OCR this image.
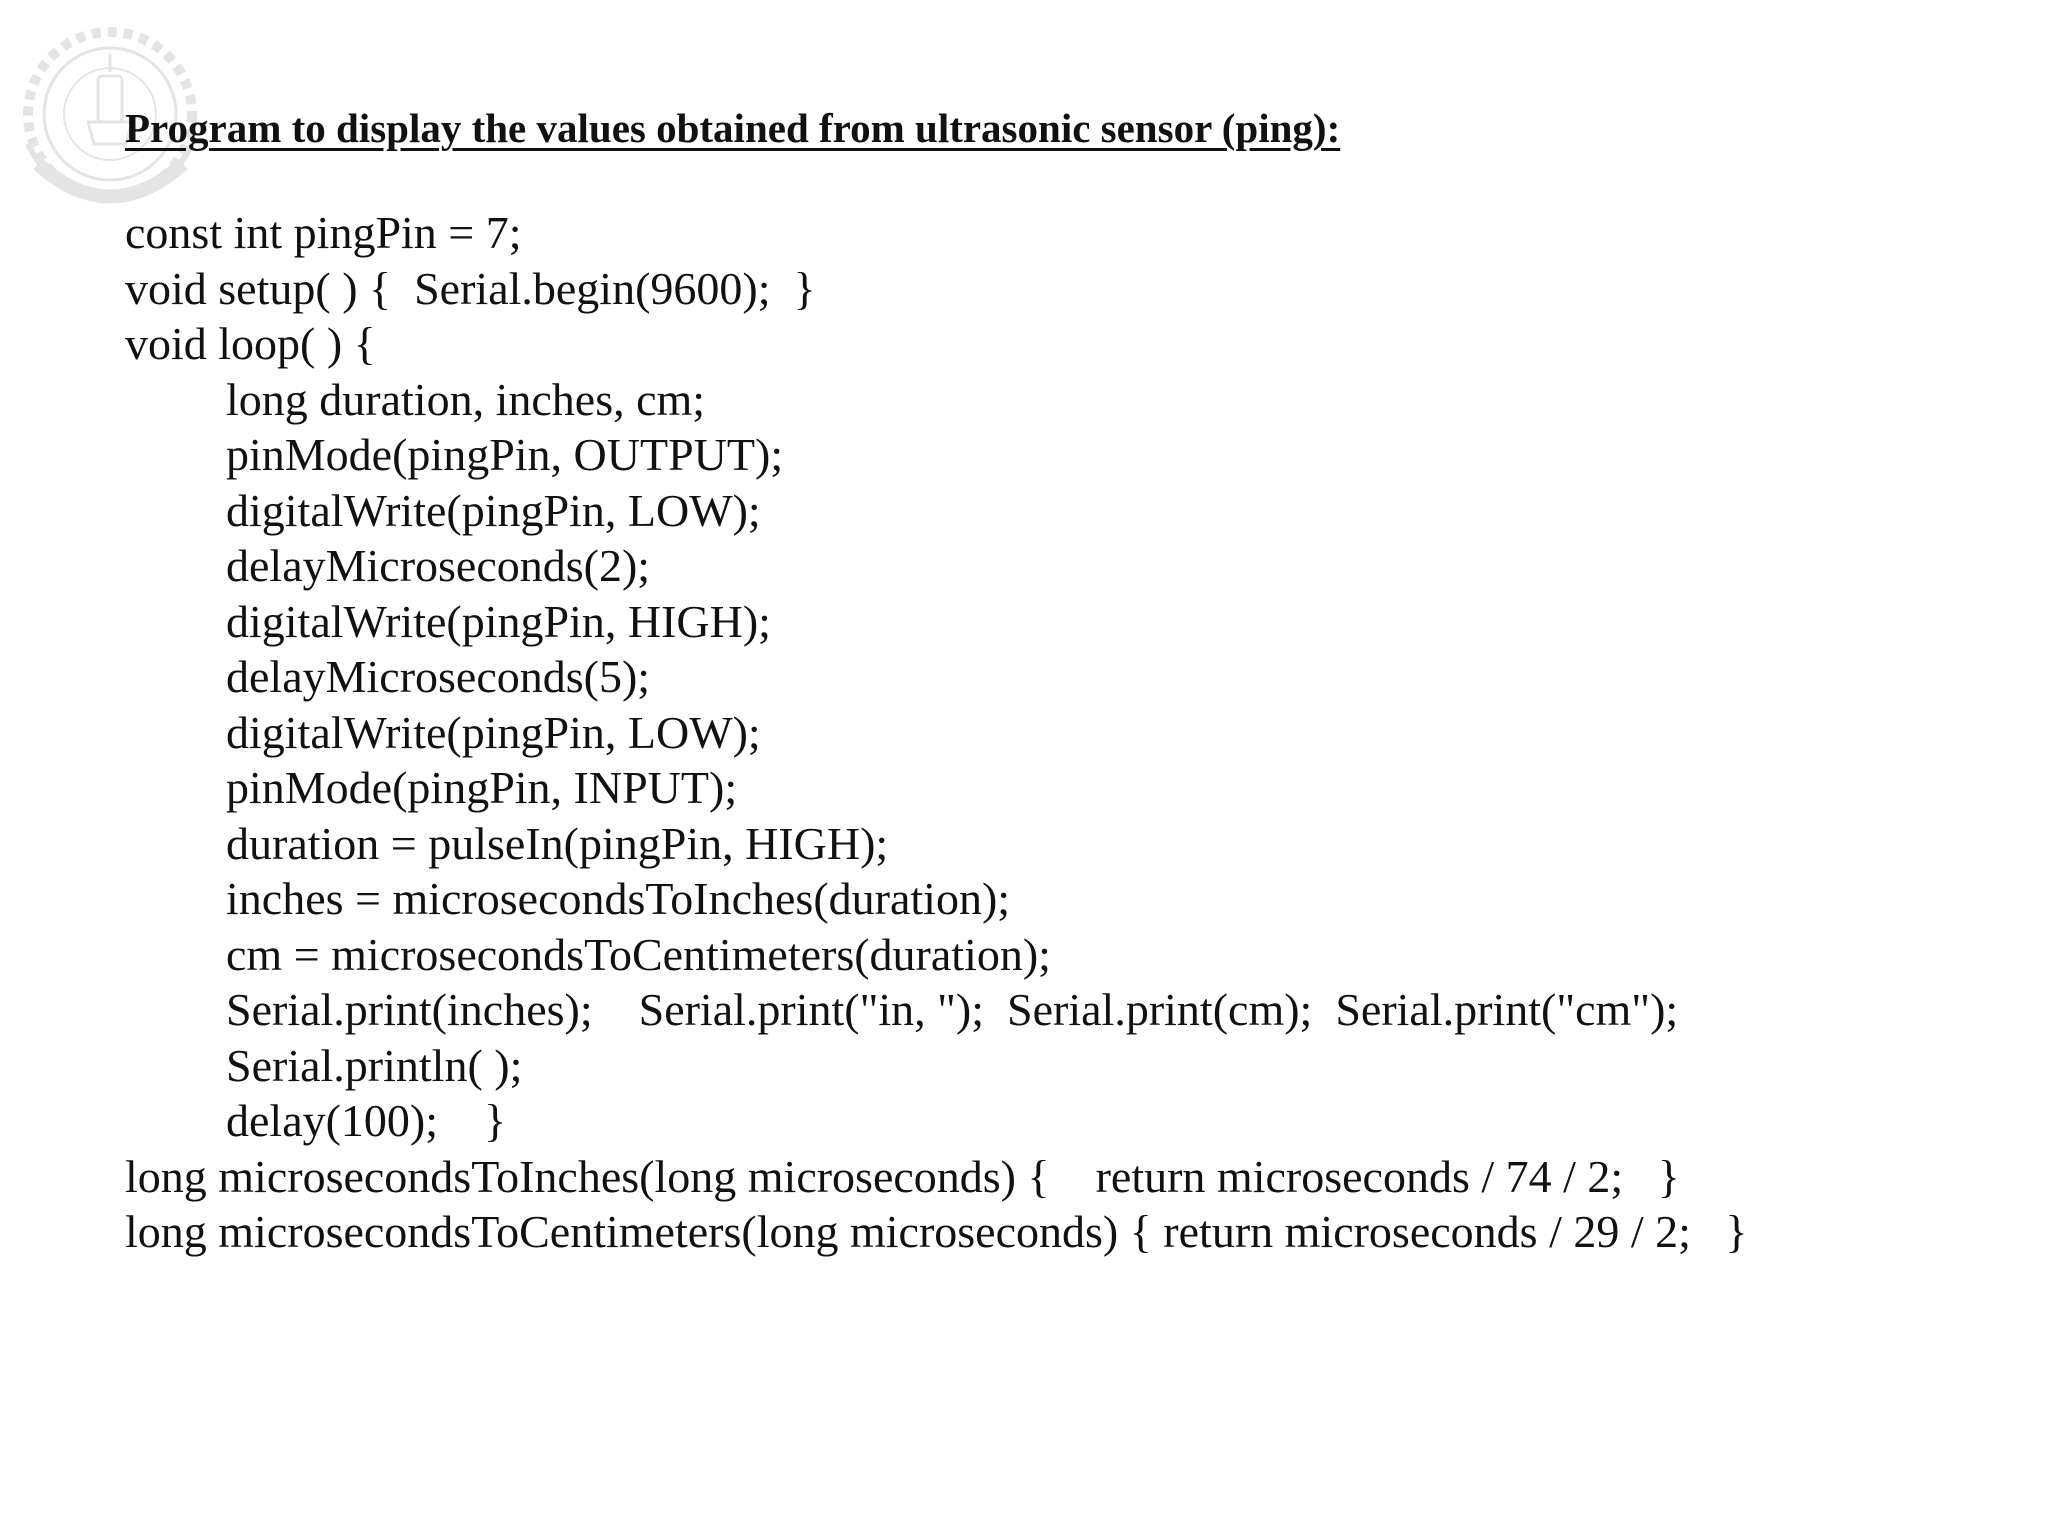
Program to display the values obtained from ultrasonic sensor (ping):
const int pingPin = 7;
void setup( ) {  Serial.begin(9600);  }
void loop( ) {
long duration, inches, cm;
pinMode(pingPin, OUTPUT);
digitalWrite(pingPin, LOW);
delayMicroseconds(2);
digitalWrite(pingPin, HIGH);
delayMicroseconds(5);
digitalWrite(pingPin, LOW);
pinMode(pingPin, INPUT);
duration = pulseIn(pingPin, HIGH);
inches = microsecondsToInches(duration);
cm = microsecondsToCentimeters(duration);
Serial.print(inches);    Serial.print("in, ");  Serial.print(cm);  Serial.print("cm");
Serial.println( );
delay(100);    }
long microsecondsToInches(long microseconds) {    return microseconds / 74 / 2;   }
long microsecondsToCentimeters(long microseconds) { return microseconds / 29 / 2;   }
